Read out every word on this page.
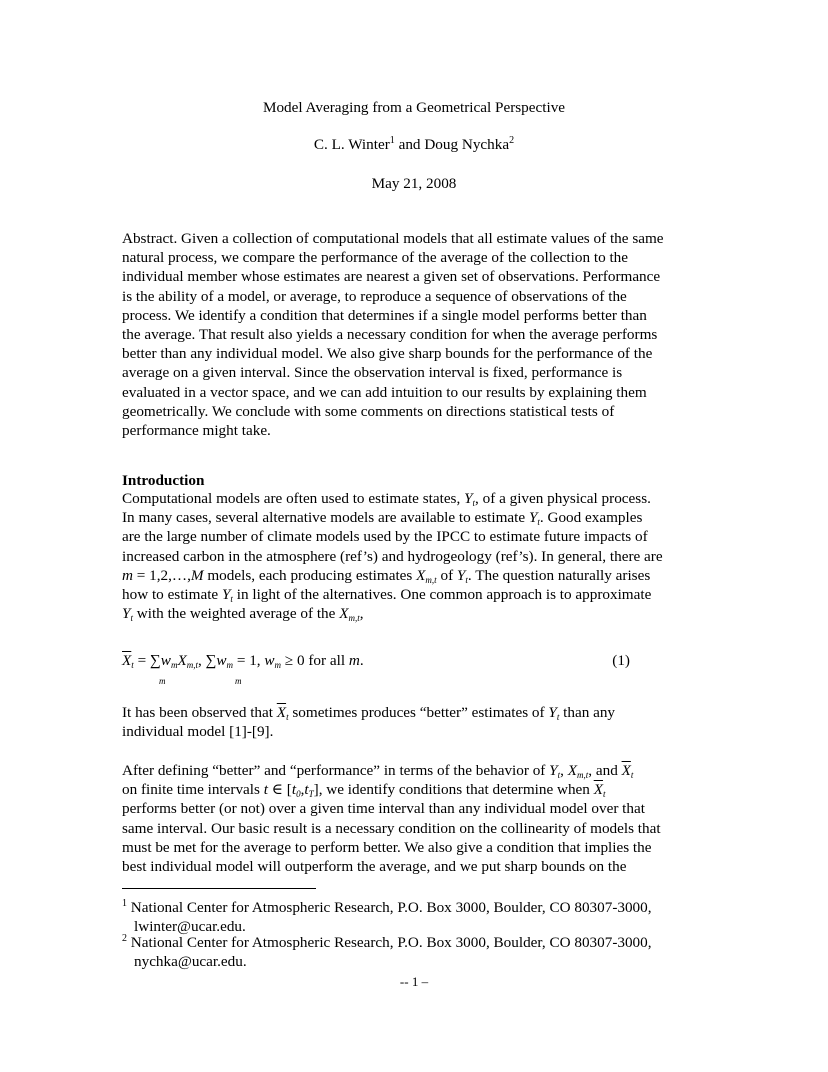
Model Averaging from a Geometrical Perspective
C. L. Winter$^1$ and Doug Nychka$^2$
May 21, 2008
Abstract. Given a collection of computational models that all estimate values of the same
natural process, we compare the performance of the average of the collection to the
individual member whose estimates are nearest a given set of observations. Performance
is the ability of a model, or average, to reproduce a sequence of observations of the
process. We identify a condition that determines if a single model performs better than
the average. That result also yields a necessary condition for when the average performs
better than any individual model. We also give sharp bounds for the performance of the
average on a given interval. Since the observation interval is fixed, performance is
evaluated in a vector space, and we can add intuition to our results by explaining them
geometrically. We conclude with some comments on directions statistical tests of
performance might take.
Introduction
Computational models are often used to estimate states, $Y_t$, of a given physical process.
In many cases, several alternative models are available to estimate $Y_t$. Good examples
are the large number of climate models used by the IPCC to estimate future impacts of
increased carbon in the atmosphere (ref’s) and hydrogeology (ref’s). In general, there are
m = 1,2,…,M models, each producing estimates $X_{m,t}$ of $Y_t$. The question naturally arises
how to estimate $Y_t$ in light of the alternatives. One common approach is to approximate
$Y_t$ with the weighted average of the $X_{m,t}$,
$\overline{X}_t = \sum w_mX_{m,t}$, $\sum w_m = 1$, $w_m \ge 0$ for all m.
m	m
(1)
It has been observed that $\overline{X}_t$ sometimes produces “better” estimates of $Y_t$ than any
individual model [1]-[9].
After defining “better” and “performance” in terms of the behavior of $Y_t$, $X_{m,t}$, and $\overline{X}_t$
on finite time intervals t ∈ $[t_0,t_T]$, we identify conditions that determine when $\overline{X}_t$
performs better (or not) over a given time interval than any individual model over that
same interval. Our basic result is a necessary condition on the collinearity of models that
must be met for the average to perform better. We also give a condition that implies the
best individual model will outperform the average, and we put sharp bounds on the
$^1$ National Center for Atmospheric Research, P.O. Box 3000, Boulder, CO 80307-3000,
lwinter@ucar.edu.
$^2$ National Center for Atmospheric Research, P.O. Box 3000, Boulder, CO 80307-3000,
nychka@ucar.edu.
-- 1 –
